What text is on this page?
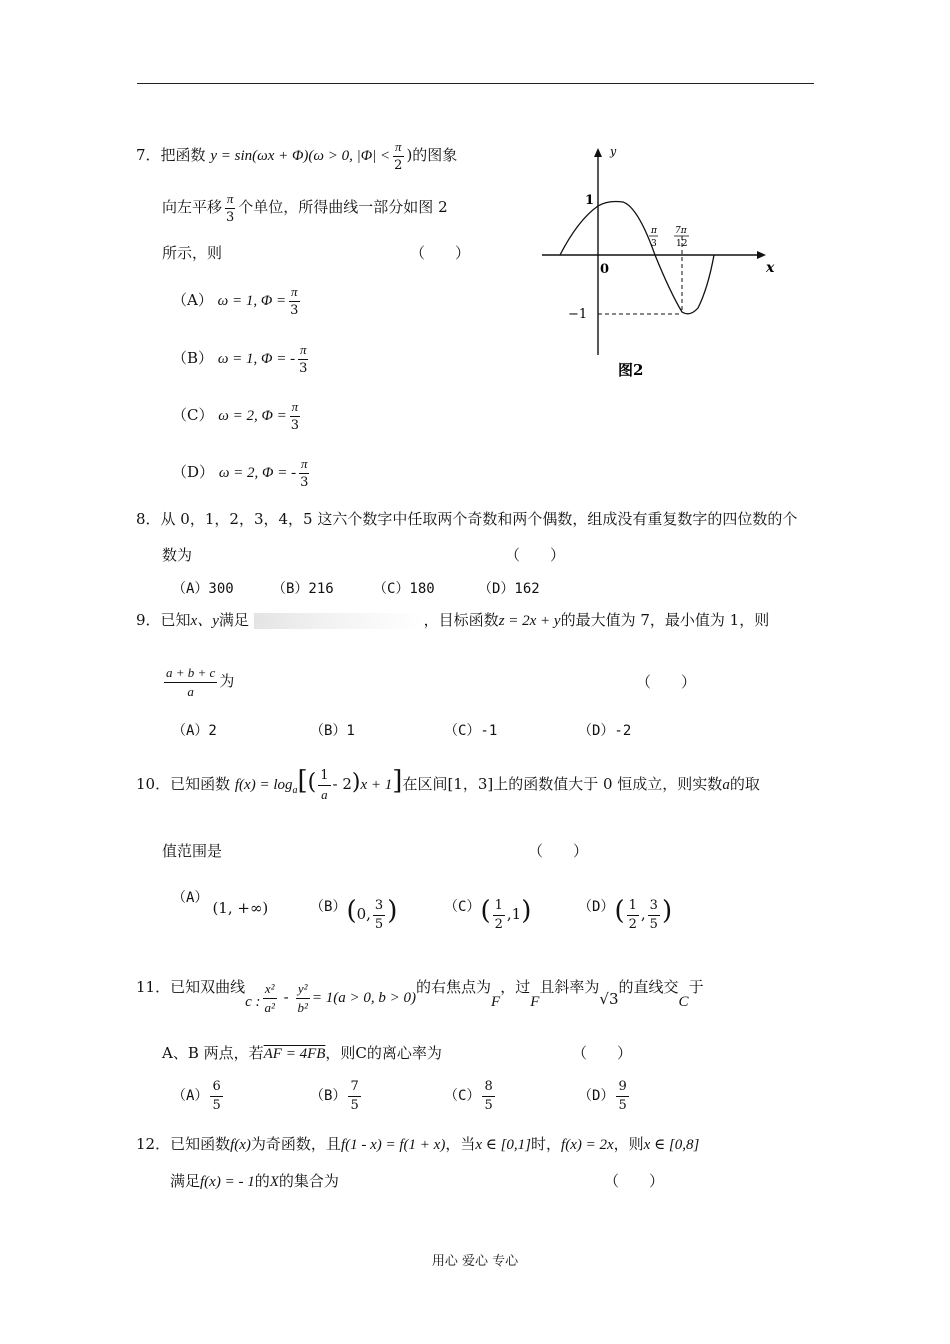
7．把函数 y = sin(ωx + Φ)(ω > 0, $|\Phi| < \frac{\pi}{2}$ )的图象
向左平移 $\frac{\pi}{3}$ 个单位，所得曲线一部分如图 2
所示，则	（　　）
（A） ω = 1, $\Phi = \frac{\pi}{3}$
（B） ω = 1, Φ = - $\frac{\pi}{3}$
（C） ω = 2, $\Phi = \frac{\pi}{3}$
（D） ω = 2, Φ = - $\frac{\pi}{3}$
y
x
0
1
−1
π
3
7π
12
图2
8．从 0，1，2，3，4，5 这六个数字中任取两个奇数和两个偶数，组成没有重复数字的四位数的个
数为	（　　）
（A）300	（B）216	（C）180	（D）162
9．已知x、y满足	，目标函数z = 2x + y的最大值为 7，最小值为 1，则
$\frac{a + b + c}{a}$ 为	（　　）
（A）2	（B）1	（C）-1	（D）-2
10．已知函数 $f(x) = \log_a[( \frac{1}{a} - 2)x + 1]$在区间[1，3]上的函数值大于 0 恒成立，则实数a的取
值范围是	（　　）
（A）(1, +∞)	（B）(0, $\frac{3}{5}$ )	$(C)( \frac{1}{2} ,1)$	$(D)( \frac{1}{2}$ , $\frac{3}{5}$ )
11．已知双曲线c : $\frac{\text{x²}}{\text{a²}} - \frac{\text{y²}}{\text{b²}} = 1(a > 0$, b > 0)的右焦点为F，过F且斜率为√3的直线交C于
A、B 两点，若AF = 4FB，则C的离心率为	（　　）
$(A) \frac{6}{5}$	$(B) \frac{7}{5}$	$(C) \frac{8}{5}$	$(D) \frac{9}{5}$
12．已知函数f(x)为奇函数，且f(1 - x) = f(1 + x)，当x ∈ [0,1]时，f(x) = 2x，则x ∈ [0,8]
满足f(x) = - 1的X的集合为	（　　）
用心 爱心 专心
